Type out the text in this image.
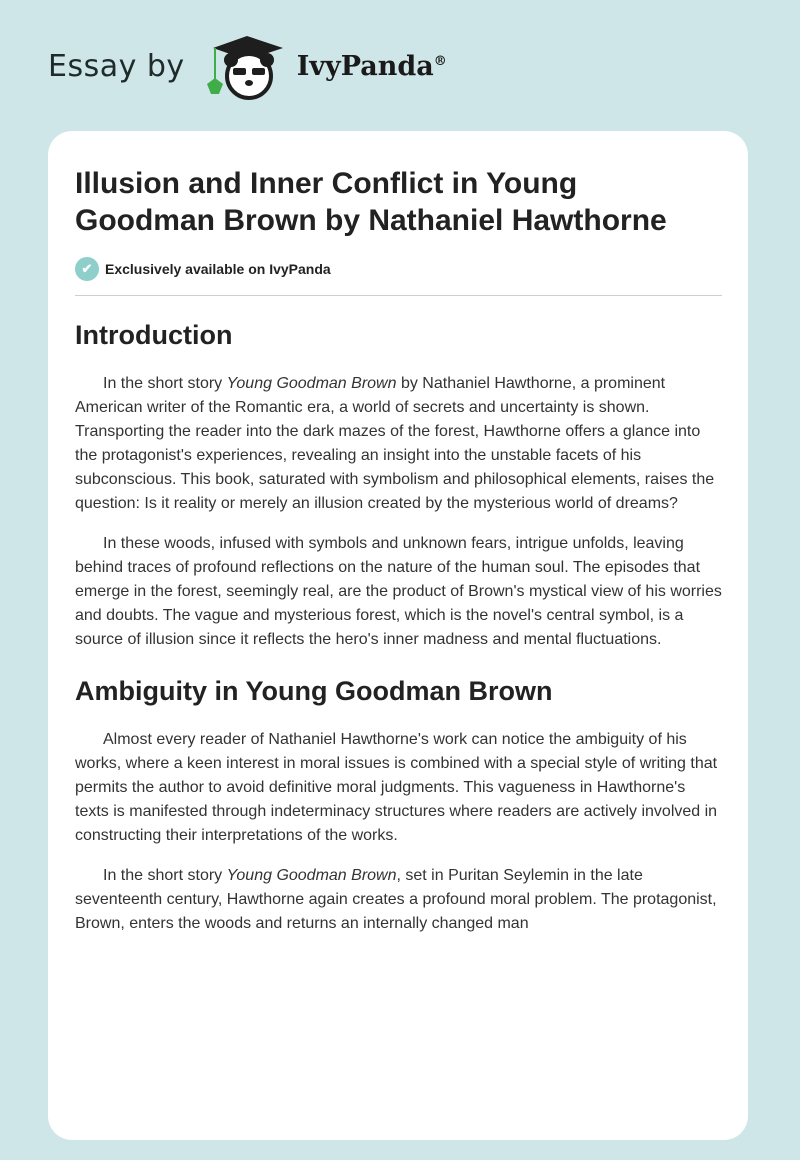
Essay by	IvyPanda®
Illusion and Inner Conflict in Young Goodman Brown by Nathaniel Hawthorne
✔ Exclusively available on IvyPanda
Introduction

In the short story Young Goodman Brown by Nathaniel Hawthorne, a prominent American writer of the Romantic era, a world of secrets and uncertainty is shown. Transporting the reader into the dark mazes of the forest, Hawthorne offers a glance into the protagonist's experiences, revealing an insight into the unstable facets of his subconscious. This book, saturated with symbolism and philosophical elements, raises the question: Is it reality or merely an illusion created by the mysterious world of dreams?

In these woods, infused with symbols and unknown fears, intrigue unfolds, leaving behind traces of profound reflections on the nature of the human soul. The episodes that emerge in the forest, seemingly real, are the product of Brown's mystical view of his worries and doubts. The vague and mysterious forest, which is the novel's central symbol, is a source of illusion since it reflects the hero's inner madness and mental fluctuations.

Ambiguity in Young Goodman Brown

Almost every reader of Nathaniel Hawthorne's work can notice the ambiguity of his works, where a keen interest in moral issues is combined with a special style of writing that permits the author to avoid definitive moral judgments. This vagueness in Hawthorne's texts is manifested through indeterminacy structures where readers are actively involved in constructing their interpretations of the works.

In the short story Young Goodman Brown, set in Puritan Seylemin in the late seventeenth century, Hawthorne again creates a profound moral problem. The protagonist, Brown, enters the woods and returns an internally changed man
